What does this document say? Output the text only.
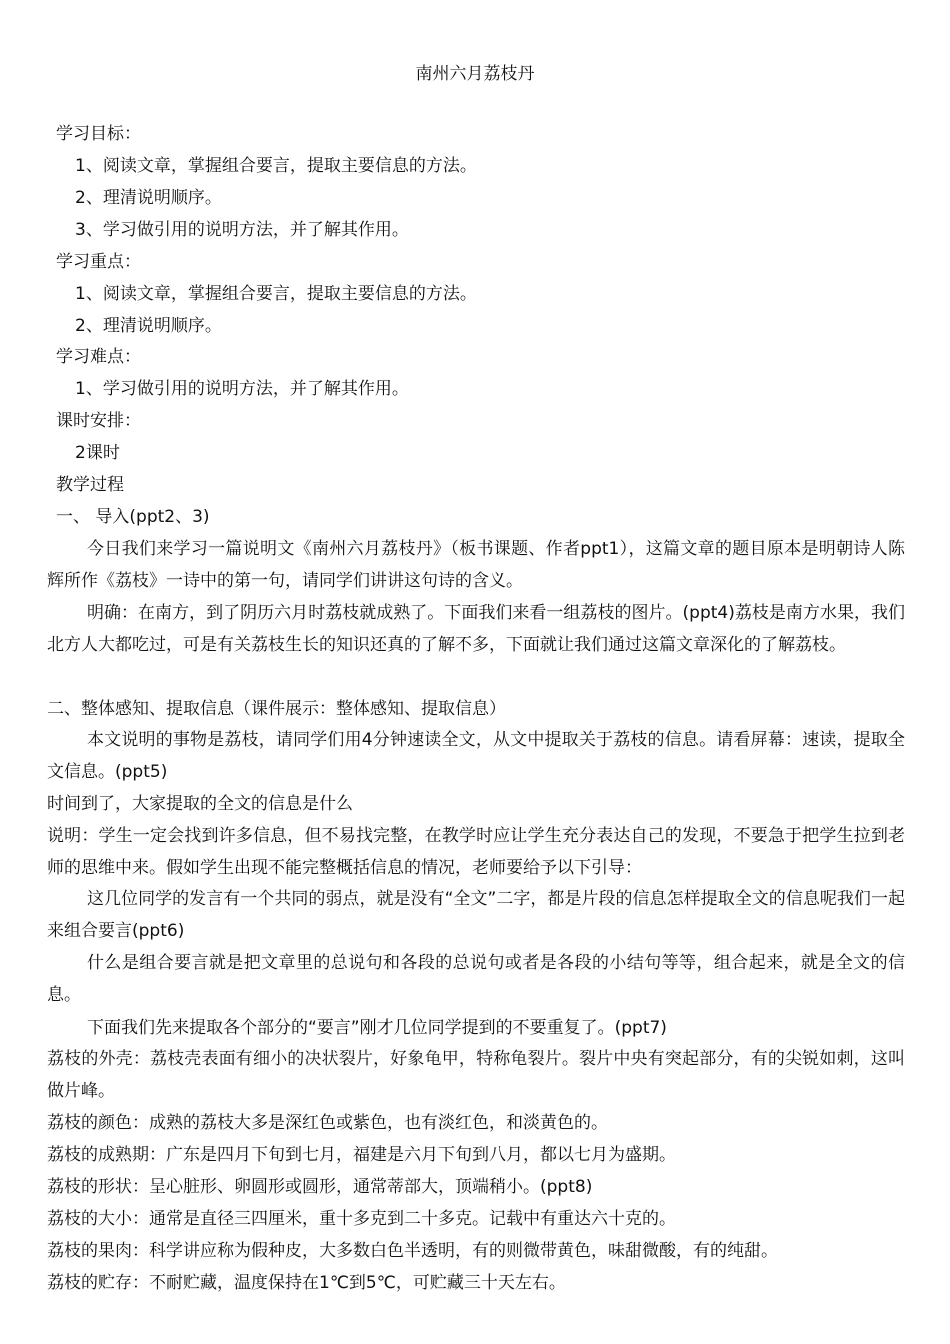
南州六月荔枝丹
学习目标：
1、阅读文章，掌握组合要言，提取主要信息的方法。
2、理清说明顺序。
3、学习做引用的说明方法，并了解其作用。
学习重点：
1、阅读文章，掌握组合要言，提取主要信息的方法。
2、理清说明顺序。
学习难点：
1、学习做引用的说明方法，并了解其作用。
课时安排：
2课时
教学过程
一、 导入(ppt2、3)
今日我们来学习一篇说明文《南州六月荔枝丹》（板书课题、作者ppt1），这篇文章的题目原本是明朝诗人陈辉所作《荔枝》一诗中的第一句，请同学们讲讲这句诗的含义。
明确：在南方，到了阴历六月时荔枝就成熟了。下面我们来看一组荔枝的图片。(ppt4)荔枝是南方水果，我们北方人大都吃过，可是有关荔枝生长的知识还真的了解不多，下面就让我们通过这篇文章深化的了解荔枝。
二、整体感知、提取信息（课件展示：整体感知、提取信息）
本文说明的事物是荔枝，请同学们用4分钟速读全文，从文中提取关于荔枝的信息。请看屏幕：速读，提取全文信息。(ppt5)
时间到了，大家提取的全文的信息是什么
说明：学生一定会找到许多信息，但不易找完整，在教学时应让学生充分表达自己的发现，不要急于把学生拉到老师的思维中来。假如学生出现不能完整概括信息的情况，老师要给予以下引导：
这几位同学的发言有一个共同的弱点，就是没有“全文”二字，都是片段的信息怎样提取全文的信息呢我们一起来组合要言(ppt6)
什么是组合要言就是把文章里的总说句和各段的总说句或者是各段的小结句等等，组合起来，就是全文的信息。
下面我们先来提取各个部分的“要言”刚才几位同学提到的不要重复了。(ppt7)
荔枝的外壳：荔枝壳表面有细小的决状裂片，好象龟甲，特称龟裂片。裂片中央有突起部分，有的尖锐如刺，这叫做片峰。
荔枝的颜色：成熟的荔枝大多是深红色或紫色，也有淡红色，和淡黄色的。
荔枝的成熟期：广东是四月下旬到七月，福建是六月下旬到八月，都以七月为盛期。
荔枝的形状：呈心脏形、卵圆形或圆形，通常蒂部大，顶端稍小。(ppt8)
荔枝的大小：通常是直径三四厘米，重十多克到二十多克。记载中有重达六十克的。
荔枝的果肉：科学讲应称为假种皮，大多数白色半透明，有的则微带黄色，味甜微酸，有的纯甜。
荔枝的贮存：不耐贮藏，温度保持在1℃到5℃，可贮藏三十天左右。
